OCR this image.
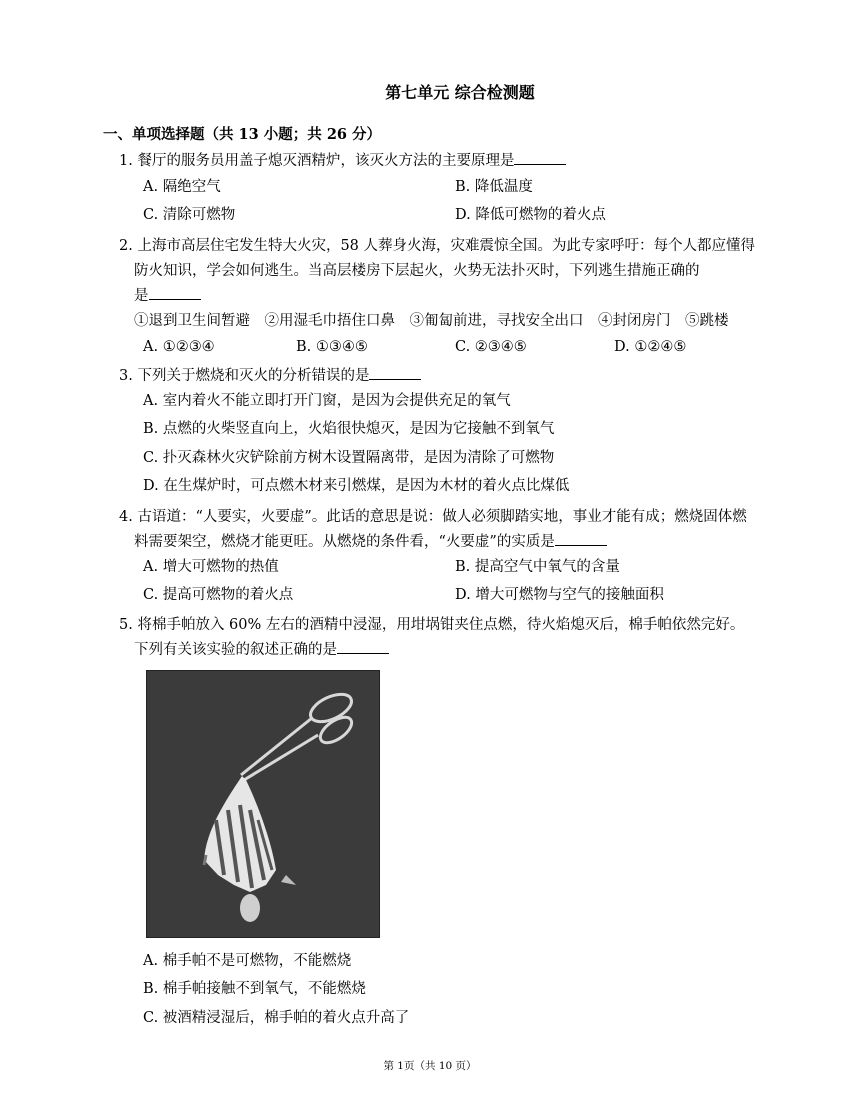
第七单元 综合检测题
一、单项选择题（共 13 小题；共 26 分）
1. 餐厅的服务员用盖子熄灭酒精炉，该灭火方法的主要原理是
A. 隔绝空气	B. 降低温度
C. 清除可燃物	D. 降低可燃物的着火点
2. 上海市高层住宅发生特大火灾，58 人葬身火海，灾难震惊全国。为此专家呼吁：每个人都应懂得
防火知识，学会如何逃生。当高层楼房下层起火，火势无法扑灭时，下列逃生措施正确的
是
①退到卫生间暂避　②用湿毛巾捂住口鼻　③匍匐前进，寻找安全出口　④封闭房门　⑤跳楼
A. ①②③④	B. ①③④⑤	C. ②③④⑤	D. ①②④⑤
3. 下列关于燃烧和灭火的分析错误的是
A. 室内着火不能立即打开门窗，是因为会提供充足的氧气
B. 点燃的火柴竖直向上，火焰很快熄灭，是因为它接触不到氧气
C. 扑灭森林火灾铲除前方树木设置隔离带，是因为清除了可燃物
D. 在生煤炉时，可点燃木材来引燃煤，是因为木材的着火点比煤低
4. 古语道：“人要实，火要虚”。此话的意思是说：做人必须脚踏实地，事业才能有成；燃烧固体燃
料需要架空，燃烧才能更旺。从燃烧的条件看，“火要虚”的实质是
A. 增大可燃物的热值	B. 提高空气中氧气的含量
C. 提高可燃物的着火点	D. 增大可燃物与空气的接触面积
5. 将棉手帕放入 60% 左右的酒精中浸湿，用坩埚钳夹住点燃，待火焰熄灭后，棉手帕依然完好。
下列有关该实验的叙述正确的是
A. 棉手帕不是可燃物，不能燃烧
B. 棉手帕接触不到氧气，不能燃烧
C. 被酒精浸湿后，棉手帕的着火点升高了
第 1页（共 10 页）
